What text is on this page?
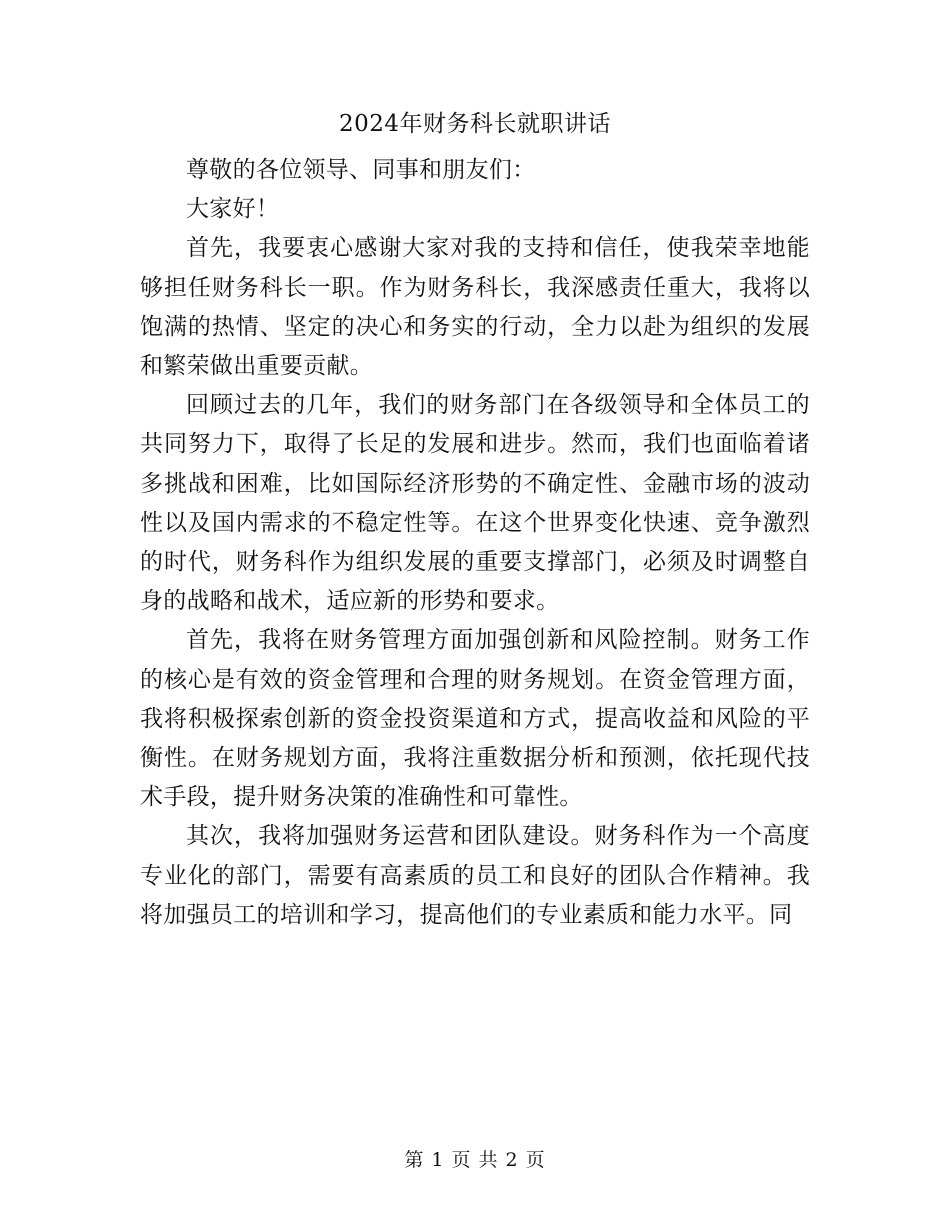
2024年财务科长就职讲话

尊敬的各位领导、同事和朋友们：

大家好！

首先，我要衷心感谢大家对我的支持和信任，使我荣幸地能够担任财务科长一职。作为财务科长，我深感责任重大，我将以饱满的热情、坚定的决心和务实的行动，全力以赴为组织的发展和繁荣做出重要贡献。

回顾过去的几年，我们的财务部门在各级领导和全体员工的共同努力下，取得了长足的发展和进步。然而，我们也面临着诸多挑战和困难，比如国际经济形势的不确定性、金融市场的波动性以及国内需求的不稳定性等。在这个世界变化快速、竞争激烈的时代，财务科作为组织发展的重要支撑部门，必须及时调整自身的战略和战术，适应新的形势和要求。

首先，我将在财务管理方面加强创新和风险控制。财务工作的核心是有效的资金管理和合理的财务规划。在资金管理方面，我将积极探索创新的资金投资渠道和方式，提高收益和风险的平衡性。在财务规划方面，我将注重数据分析和预测，依托现代技术手段，提升财务决策的准确性和可靠性。

其次，我将加强财务运营和团队建设。财务科作为一个高度专业化的部门，需要有高素质的员工和良好的团队合作精神。我将加强员工的培训和学习，提高他们的专业素质和能力水平。同

第 1 页 共 2 页
